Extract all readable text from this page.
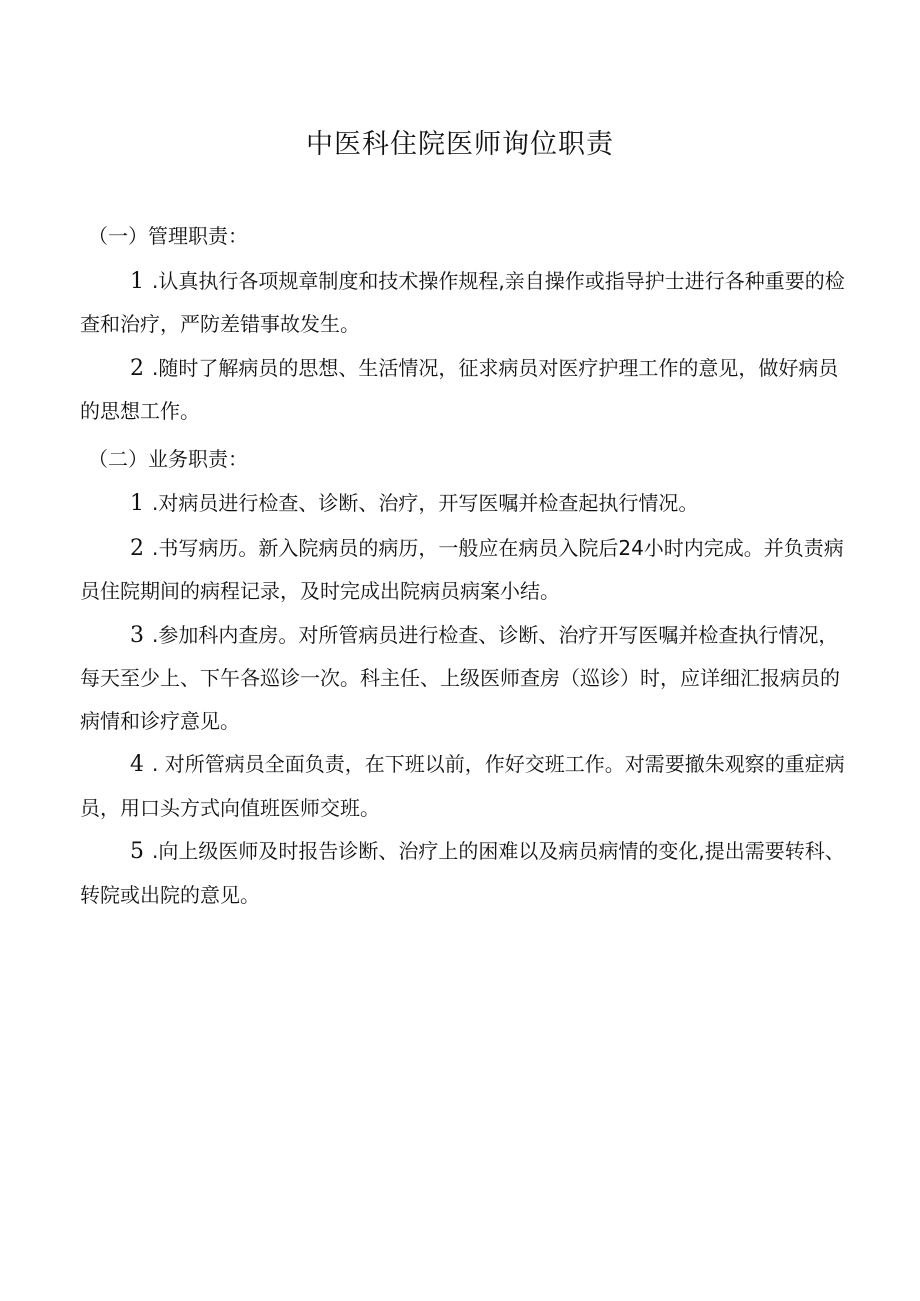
中医科住院医师询位职责
（一）管理职责：
1 .认真执行各项规章制度和技术操作规程,亲自操作或指导护士进行各种重要的检查和治疗，严防差错事故发生。
2 .随时了解病员的思想、生活情况，征求病员对医疗护理工作的意见，做好病员的思想工作。
（二）业务职责：
1 .对病员进行检查、诊断、治疗，开写医嘱并检查起执行情况。
2 .书写病历。新入院病员的病历，一般应在病员入院后24小时内完成。并负责病员住院期间的病程记录，及时完成出院病员病案小结。
3 .参加科内查房。对所管病员进行检查、诊断、治疗开写医嘱并检查执行情况，每天至少上、下午各巡诊一次。科主任、上级医师查房（巡诊）时，应详细汇报病员的病情和诊疗意见。
4 . 对所管病员全面负责，在下班以前，作好交班工作。对需要撤朱观察的重症病员，用口头方式向值班医师交班。
5 .向上级医师及时报告诊断、治疗上的困难以及病员病情的变化,提出需要转科、转院或出院的意见。
